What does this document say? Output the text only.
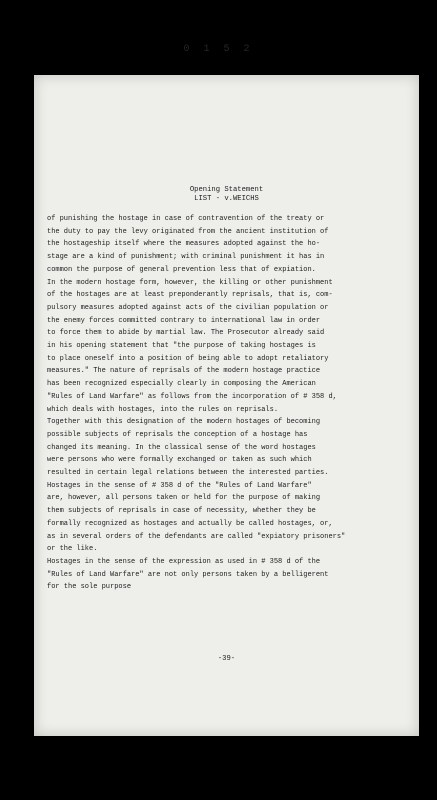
0 1 5 2
Opening Statement
LIST - v.WEICHS
of punishing the hostage in case of contravention of the treaty or
the duty to pay the levy originated from the ancient institution of
the hostageship itself where the measures adopted against the ho-
stage are a kind of punishment; with criminal punishment it has in
common the purpose of general prevention less that of expiation.
In the modern hostage form, however, the killing or other punishment
of the hostages are at least preponderantly reprisals, that is, com-
pulsory measures adopted against acts of the civilian population or
the enemy forces committed contrary to international law in order
to force them to abide by martial law. The Prosecutor already said
in his opening statement that "the purpose of taking hostages is
to place oneself into a position of being able to adopt retaliatory
measures." The nature of reprisals of the modern hostage practice
has been recognized especially clearly in composing the American
"Rules of Land Warfare" as follows from the incorporation of # 358 d,
which deals with hostages, into the rules on reprisals.
Together with this designation of the modern hostages of becoming
possible subjects of reprisals the conception of a hostage has
changed its meaning. In the classical sense of the word hostages
were persons who were formally exchanged or taken as such which
resulted in certain legal relations between the interested parties.
Hostages in the sense of # 358 d of the "Rules of Land Warfare"
are, however, all persons taken or held for the purpose of making
them subjects of reprisals in case of necessity, whether they be
formally recognized as hostages and actually be called hostages, or,
as in several orders of the defendants are called "expiatory prisoners"
or the like.
Hostages in the sense of the expression as used in # 358 d of the
"Rules of Land Warfare" are not only persons taken by a belligerent
for the sole purpose
-39-
